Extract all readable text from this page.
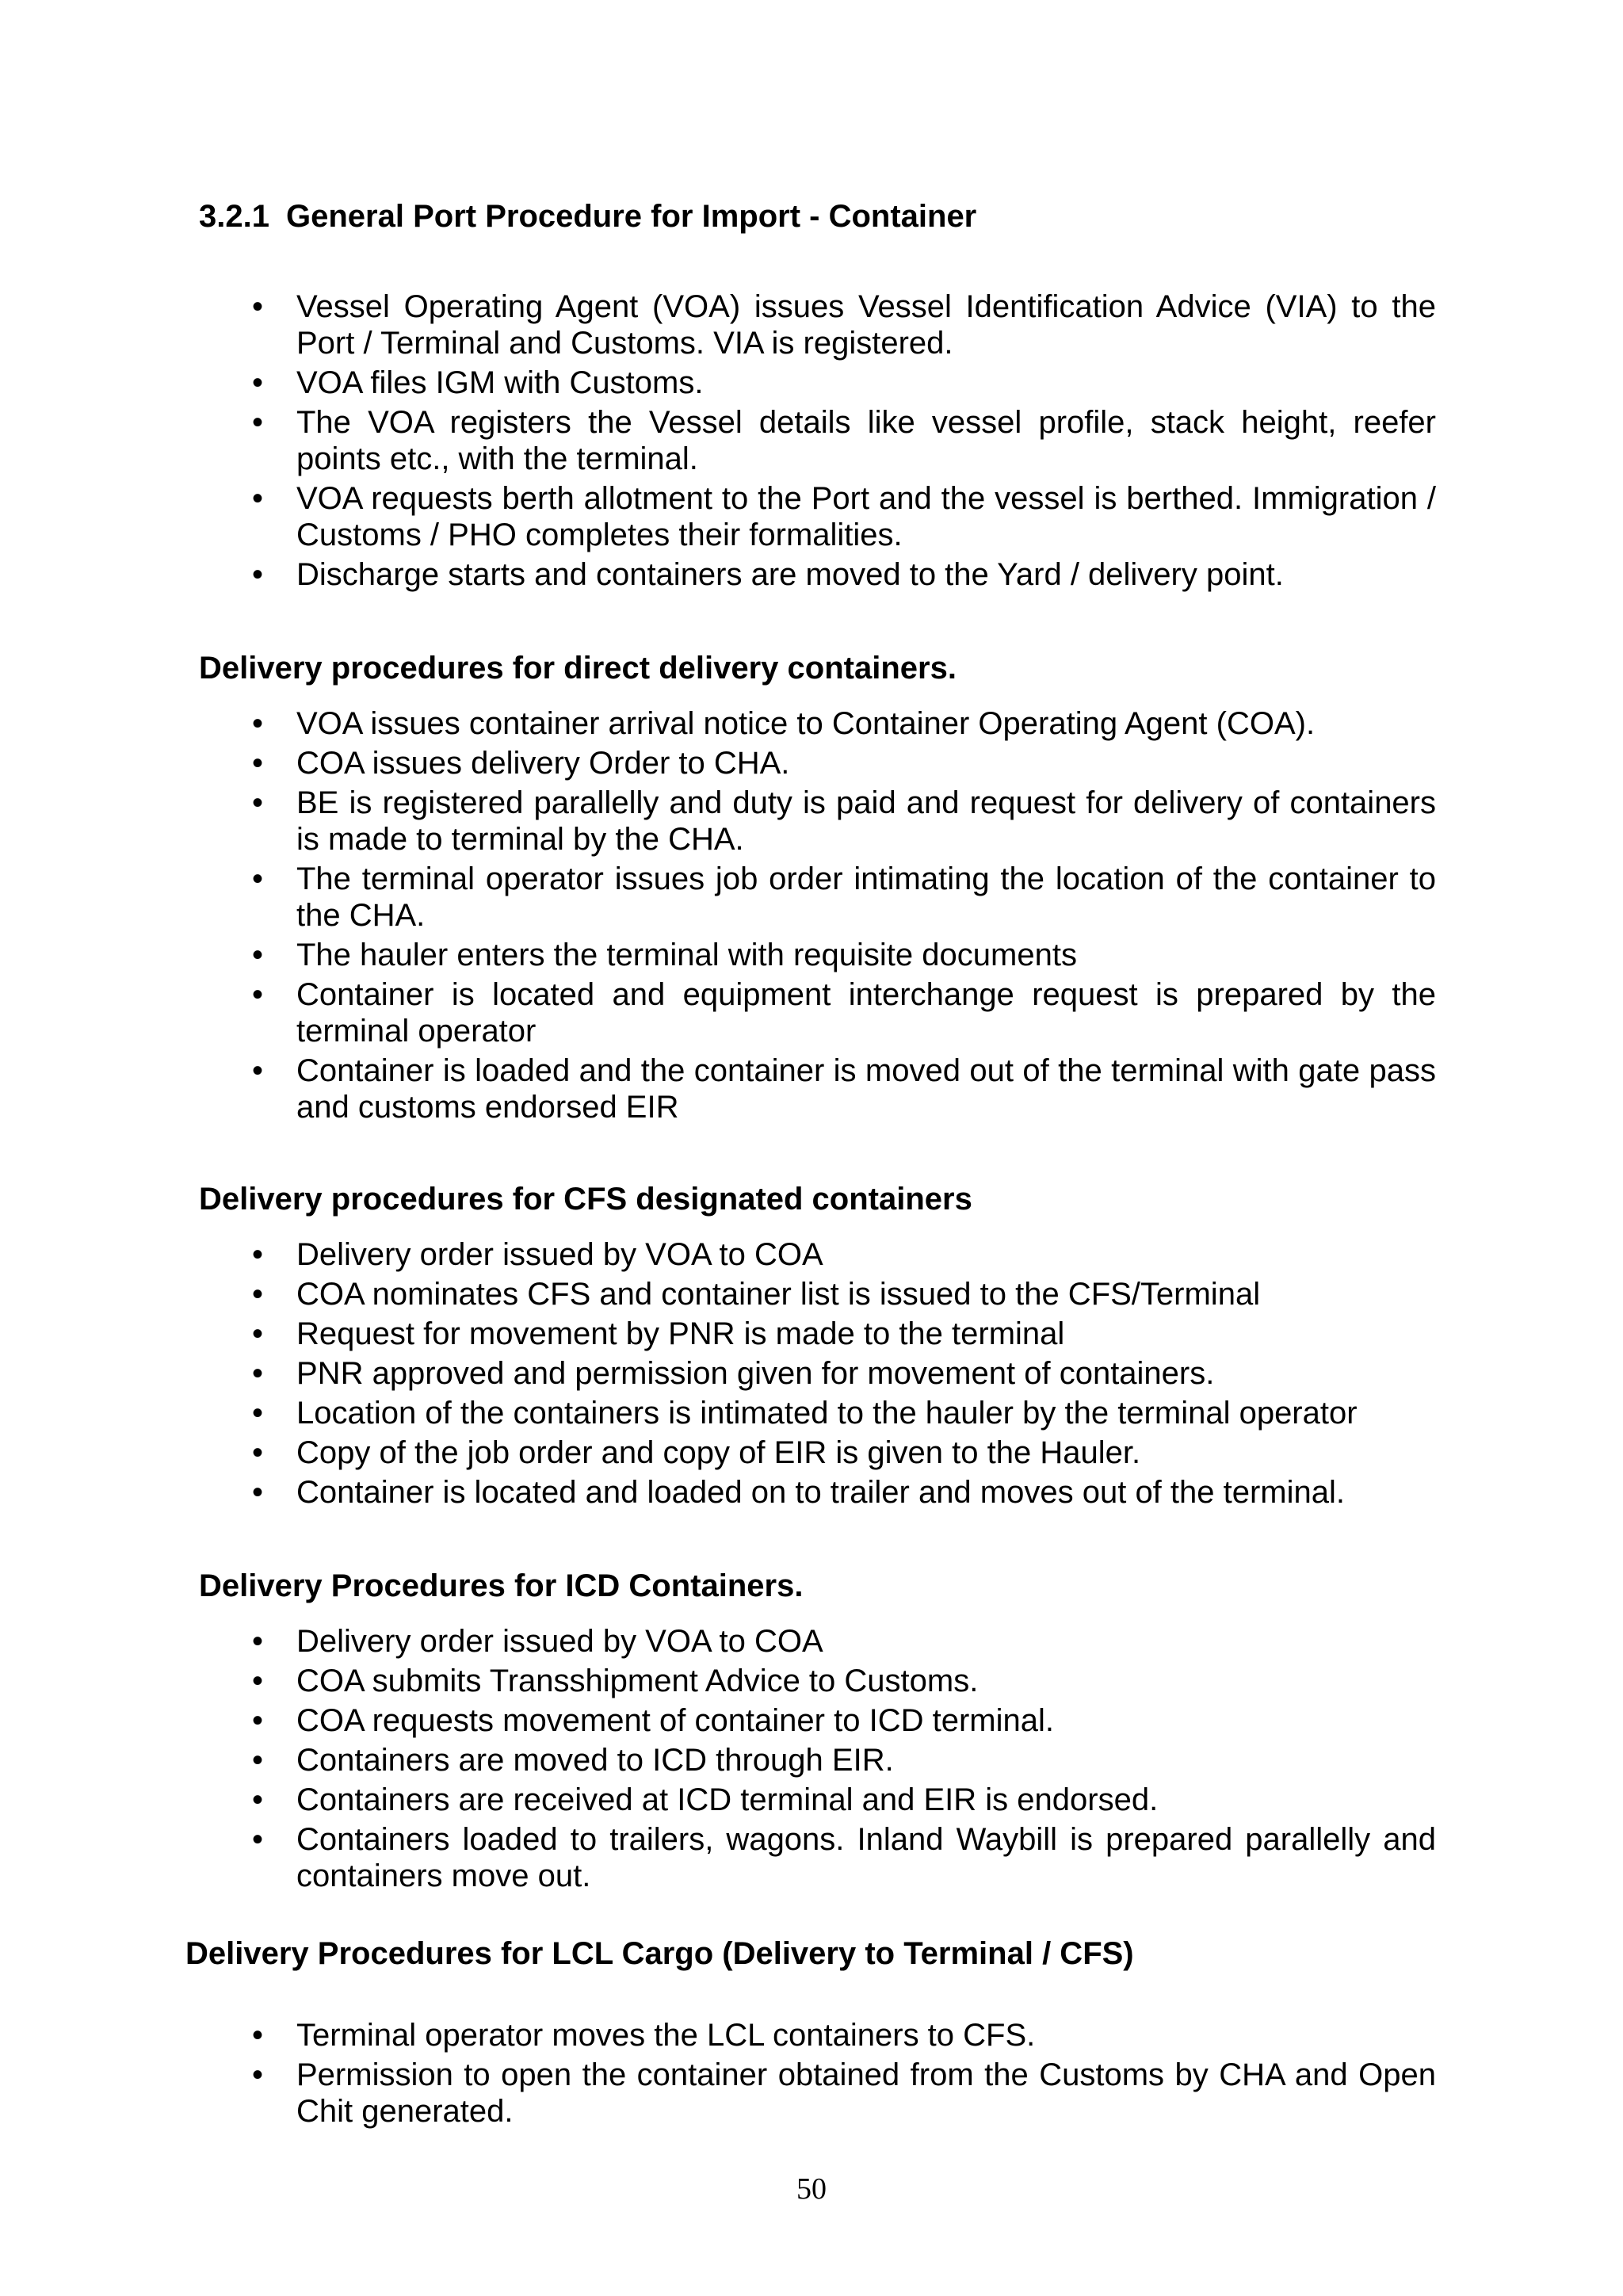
3.2.1 General Port Procedure for Import - Container
•	Vessel Operating Agent (VOA) issues Vessel Identification Advice (VIA) to the Port / Terminal and Customs. VIA is registered.
•	VOA files IGM with Customs.
•	The VOA registers the Vessel details like vessel profile, stack height, reefer points etc., with the terminal.
•	VOA requests berth allotment to the Port and the vessel is berthed. Immigration / Customs / PHO completes their formalities.
•	Discharge starts and containers are moved to the Yard / delivery point.
Delivery procedures for direct delivery containers.
•	VOA issues container arrival notice to Container Operating Agent (COA).
•	COA issues delivery Order to CHA.
•	BE is registered parallelly and duty is paid and request for delivery of containers is made to terminal by the CHA.
•	The terminal operator issues job order intimating the location of the container to the CHA.
•	The hauler enters the terminal with requisite documents
•	Container is located and equipment interchange request is prepared by the terminal operator
•	Container is loaded and the container is moved out of the terminal with gate pass and customs endorsed EIR
Delivery procedures for CFS designated containers
•	Delivery order issued by VOA to COA
•	COA nominates CFS and container list is issued to the CFS/Terminal
•	Request for movement by PNR is made to the terminal
•	PNR approved and permission given for movement of containers.
•	Location of the containers is intimated to the hauler by the terminal operator
•	Copy of the job order and copy of EIR is given to the Hauler.
•	Container is located and loaded on to trailer and moves out of the terminal.
Delivery Procedures for ICD Containers.
•	Delivery order issued by VOA to COA
•	COA submits Transshipment Advice to Customs.
•	COA requests movement of container to ICD terminal.
•	Containers are moved to ICD through EIR.
•	Containers are received at ICD terminal and EIR is endorsed.
•	Containers loaded to trailers, wagons. Inland Waybill is prepared parallelly and containers move out.
Delivery Procedures for LCL Cargo (Delivery to Terminal / CFS)
•	Terminal operator moves the LCL containers to CFS.
•	Permission to open the container obtained from the Customs by CHA and Open Chit generated.
50
